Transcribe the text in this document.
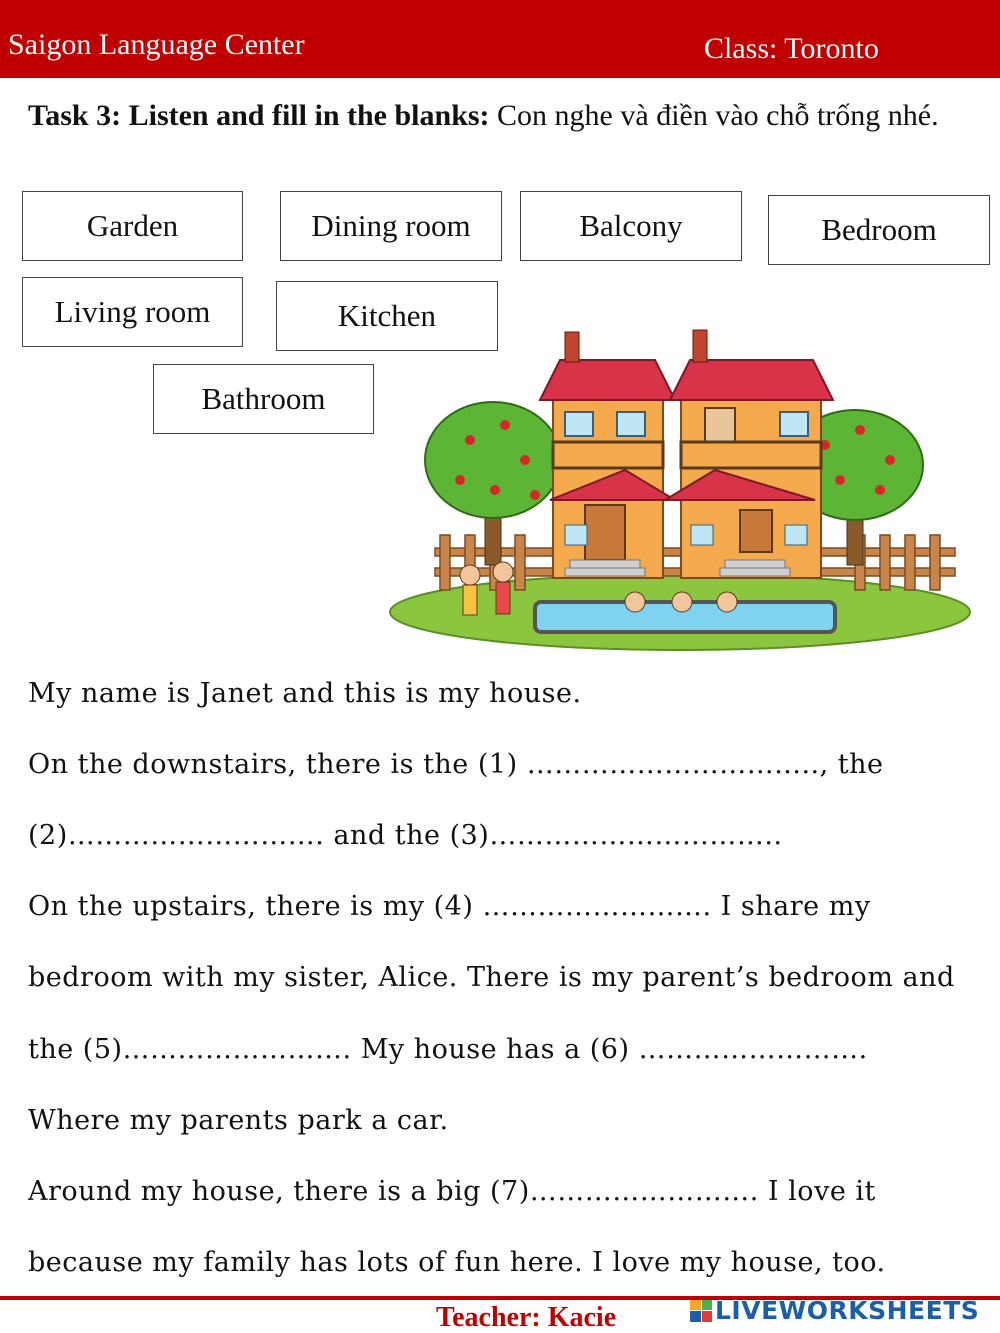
Saigon Language Center	Class: Toronto
Task 3: Listen and fill in the blanks: Con nghe và điền vào chỗ trống nhé.
Garden	Dining room	Balcony	Bedroom
Living room	Kitchen
Bathroom
My name is Janet and this is my house.
On the downstairs, there is the (1) ………………………....., the
(2)………………………. and the (3)…………………………..
On the upstairs, there is my (4) ……………………. I share my
bedroom with my sister, Alice. There is my parent’s bedroom and
the (5)……………………. My house has a (6) …………………….
Where my parents park a car.
Around my house, there is a big (7)……………………. I love it
because my family has lots of fun here. I love my house, too.
Teacher: Kacie	LIVEWORKSHEETS
